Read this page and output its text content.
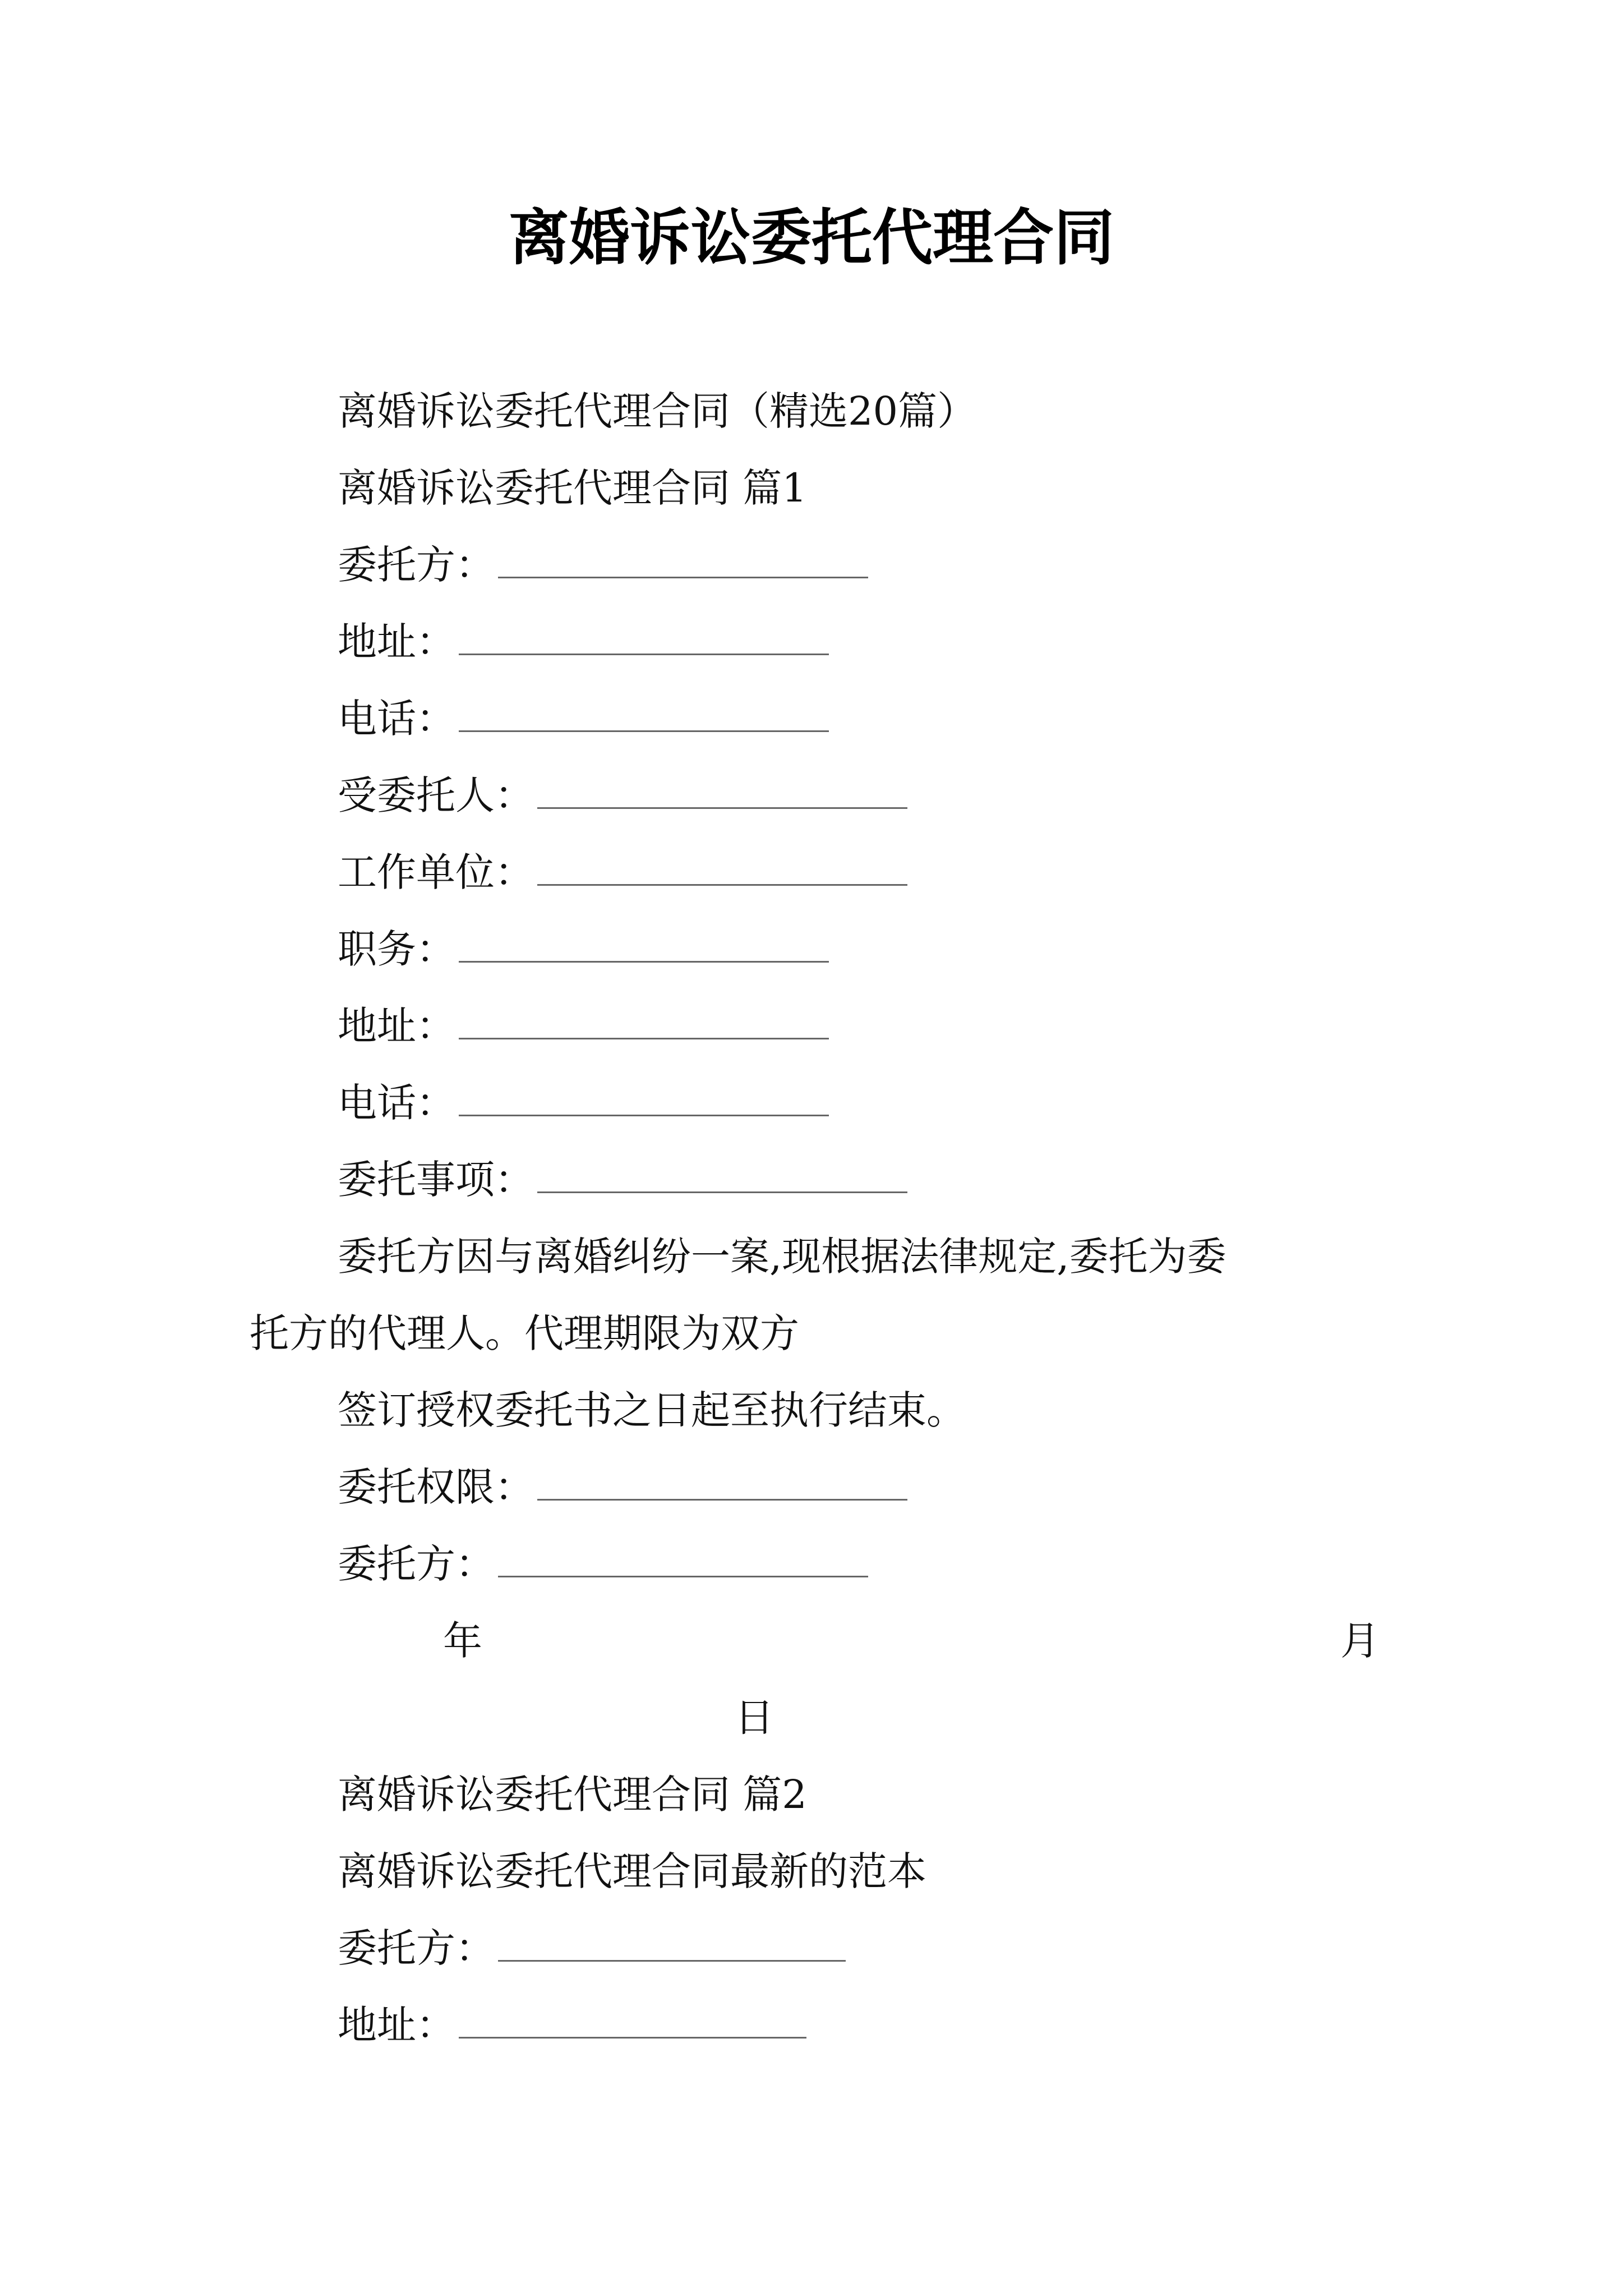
离婚诉讼委托代理合同
离婚诉讼委托代理合同（精选20篇）
离婚诉讼委托代理合同 篇1
委托方：
地址：
电话：
受委托人：
工作单位：
职务：
地址：
电话：
委托事项：
委托方因与离婚纠纷一案,现根据法律规定,委托为委
托方的代理人。代理期限为双方
签订授权委托书之日起至执行结束。
委托权限：
委托方：
年	月
日
离婚诉讼委托代理合同 篇2
离婚诉讼委托代理合同最新的范本
委托方：
地址：
